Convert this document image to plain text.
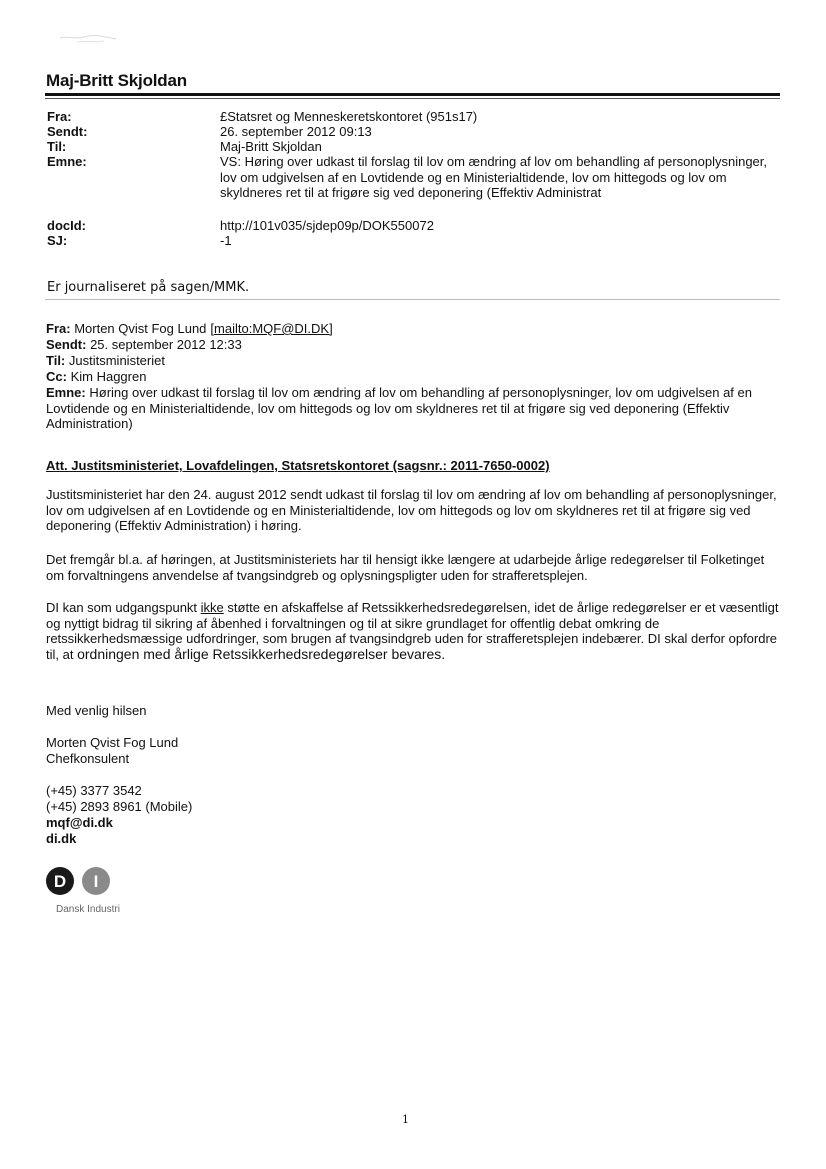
Maj-Britt Skjoldan
Fra:	£Statsret og Menneskeretskontoret (951s17)
Sendt:	26. september 2012 09:13
Til:	Maj-Britt Skjoldan
Emne:	VS: Høring over udkast til forslag til lov om ændring af lov om behandling af personoplysninger, lov om udgivelsen af en Lovtidende og en Ministerialtidende, lov om hittegods og lov om skyldneres ret til at frigøre sig ved deponering (Effektiv Administrat
docId:	http://101v035/sjdep09p/DOK550072
SJ:	-1
Er journaliseret på sagen/MMK.
Fra: Morten Qvist Fog Lund [mailto:MQF@DI.DK]
Sendt: 25. september 2012 12:33
Til: Justitsministeriet
Cc: Kim Haggren
Emne: Høring over udkast til forslag til lov om ændring af lov om behandling af personoplysninger, lov om udgivelsen af en Lovtidende og en Ministerialtidende, lov om hittegods og lov om skyldneres ret til at frigøre sig ved deponering (Effektiv Administration)
Att. Justitsministeriet, Lovafdelingen, Statsretskontoret (sagsnr.: 2011-7650-0002)
Justitsministeriet har den 24. august 2012 sendt udkast til forslag til lov om ændring af lov om behandling af personoplysninger, lov om udgivelsen af en Lovtidende og en Ministerialtidende, lov om hittegods og lov om skyldneres ret til at frigøre sig ved deponering (Effektiv Administration) i høring.
Det fremgår bl.a. af høringen, at Justitsministeriets har til hensigt ikke længere at udarbejde årlige redegørelser til Folketinget om forvaltningens anvendelse af tvangsindgreb og oplysningspligter uden for strafferetsplejen.
DI kan som udgangspunkt ikke støtte en afskaffelse af Retssikkerhedsredegørelsen, idet de årlige redegørelser er et væsentligt og nyttigt bidrag til sikring af åbenhed i forvaltningen og til at sikre grundlaget for offentlig debat omkring de retssikkerhedsmæssige udfordringer, som brugen af tvangsindgreb uden for strafferetsplejen indebærer. DI skal derfor opfordre til, at ordningen med årlige Retssikkerhedsredegørelser bevares.
Med venlig hilsen
Morten Qvist Fog Lund
Chefkonsulent
(+45) 3377 3542
(+45) 2893 8961 (Mobile)
mqf@di.dk
di.dk
D I
Dansk Industri
1
